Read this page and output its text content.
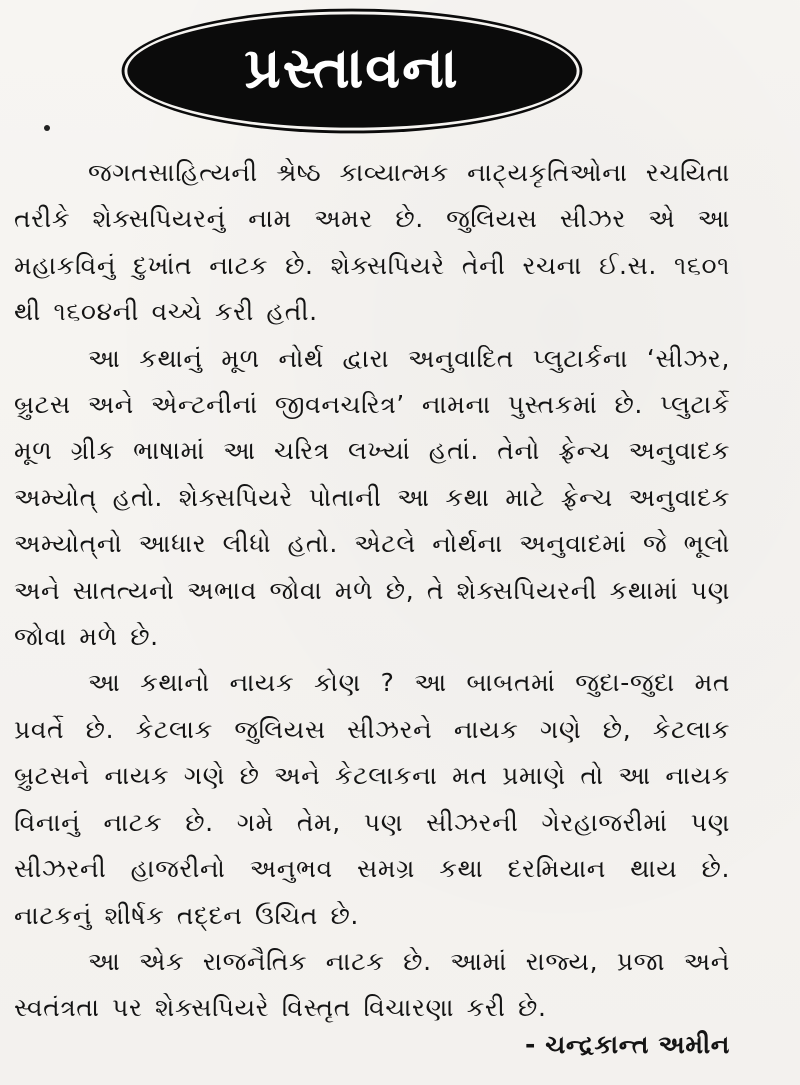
પ્રસ્તાવના

જગતસાહિત્યની શ્રેષ્ઠ કાવ્યાત્મક નાટ્યકૃતિઓના રચયિતા તરીકે શેક્સપિયરનું નામ અમર છે. જુલિયસ સીઝર એ આ મહાકવિનું દુખાંત નાટક છે. શેક્સપિયરે તેની રચના ઈ.સ. ૧૬૦૧ થી ૧૬૦૪ની વચ્ચે કરી હતી.

આ કથાનું મૂળ નોર્થ દ્વારા અનુવાદિત પ્લુટાર્કના ‘સીઝર, બ્રુટસ અને એન્ટનીનાં જીવનચરિત્ર’ નામના પુસ્તકમાં છે. પ્લુટાર્કે મૂળ ગ્રીક ભાષામાં આ ચરિત્ર લખ્યાં હતાં. તેનો ફ્રેન્ચ અનુવાદક અમ્યોત્ હતો. શેક્સપિયરે પોતાની આ કથા માટે ફ્રેન્ચ અનુવાદક અમ્યોત્‌નો આધાર લીધો હતો. એટલે નોર્થના અનુવાદમાં જે ભૂલો અને સાતત્યનો અભાવ જોવા મળે છે, તે શેક્સપિયરની કથામાં પણ જોવા મળે છે.

આ કથાનો નાયક કોણ ? આ બાબતમાં જુદા-જુદા મત પ્રવર્તે છે. કેટલાક જુલિયસ સીઝરને નાયક ગણે છે, કેટલાક બ્રુટસને નાયક ગણે છે અને કેટલાકના મત પ્રમાણે તો આ નાયક વિનાનું નાટક છે. ગમે તેમ, પણ સીઝરની ગેરહાજરીમાં પણ સીઝરની હાજરીનો અનુભવ સમગ્ર કથા દરમિયાન થાય છે. નાટકનું શીર્ષક તદ્દન ઉચિત છે.

આ એક રાજનૈતિક નાટક છે. આમાં રાજ્ય, પ્રજા અને સ્વતંત્રતા પર શેક્સપિયરે વિસ્તૃત વિચારણા કરી છે.

- ચન્દ્રકાન્ત અમીન
